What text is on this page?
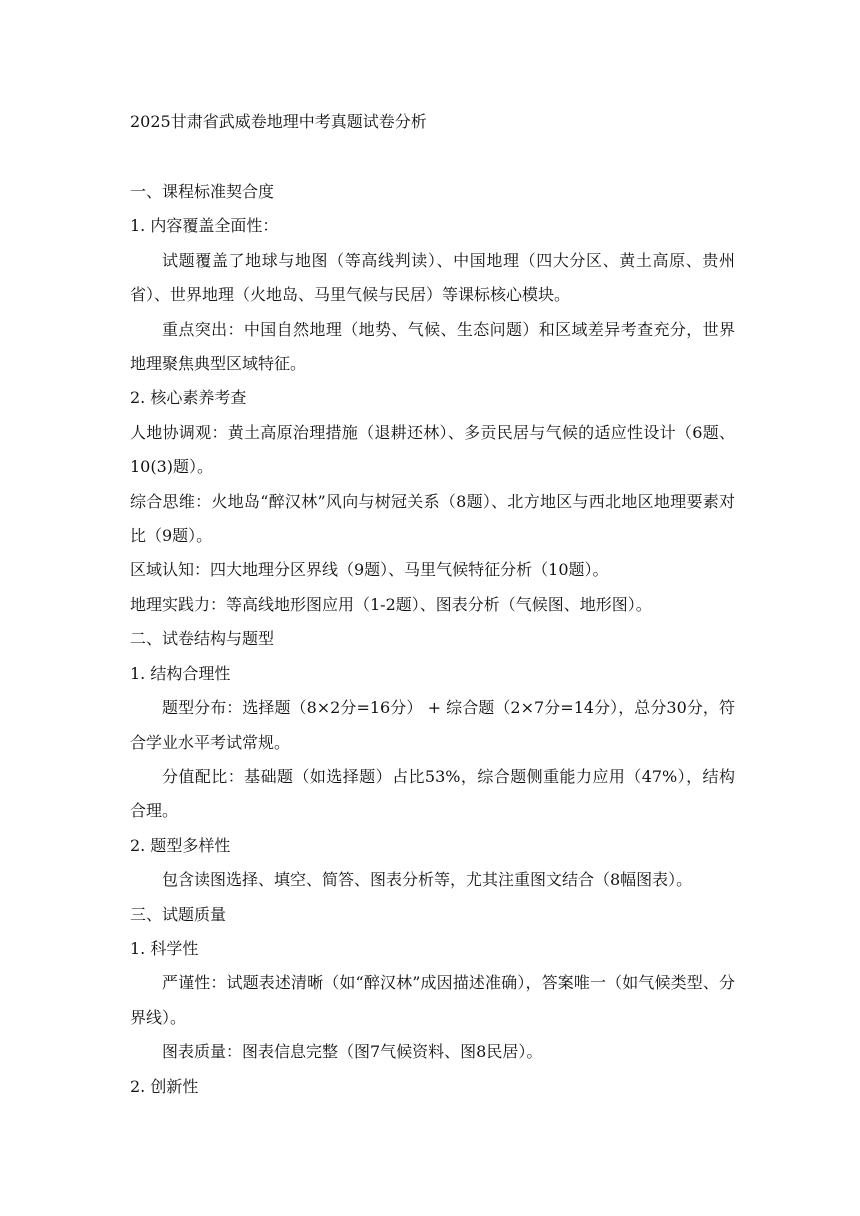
2025甘肃省武威卷地理中考真题试卷分析

一、课程标准契合度

1. 内容覆盖全面性：

试题覆盖了地球与地图（等高线判读）、中国地理（四大分区、黄土高原、贵州省）、世界地理（火地岛、马里气候与民居）等课标核心模块。

重点突出：中国自然地理（地势、气候、生态问题）和区域差异考查充分，世界地理聚焦典型区域特征。

2. 核心素养考查

人地协调观：黄土高原治理措施（退耕还林）、多贡民居与气候的适应性设计（6题、10(3)题）。

综合思维：火地岛“醉汉林”风向与树冠关系（8题）、北方地区与西北地区地理要素对比（9题）。

区域认知：四大地理分区界线（9题）、马里气候特征分析（10题）。

地理实践力：等高线地形图应用（1-2题）、图表分析（气候图、地形图）。

二、试卷结构与题型

1. 结构合理性

题型分布：选择题（8×2分=16分） + 综合题（2×7分=14分），总分30分，符合学业水平考试常规。

分值配比：基础题（如选择题）占比53%，综合题侧重能力应用（47%），结构合理。

2. 题型多样性

包含读图选择、填空、简答、图表分析等，尤其注重图文结合（8幅图表）。

三、试题质量

1. 科学性

严谨性：试题表述清晰（如“醉汉林”成因描述准确），答案唯一（如气候类型、分界线）。

图表质量：图表信息完整（图7气候资料、图8民居）。

2. 创新性
